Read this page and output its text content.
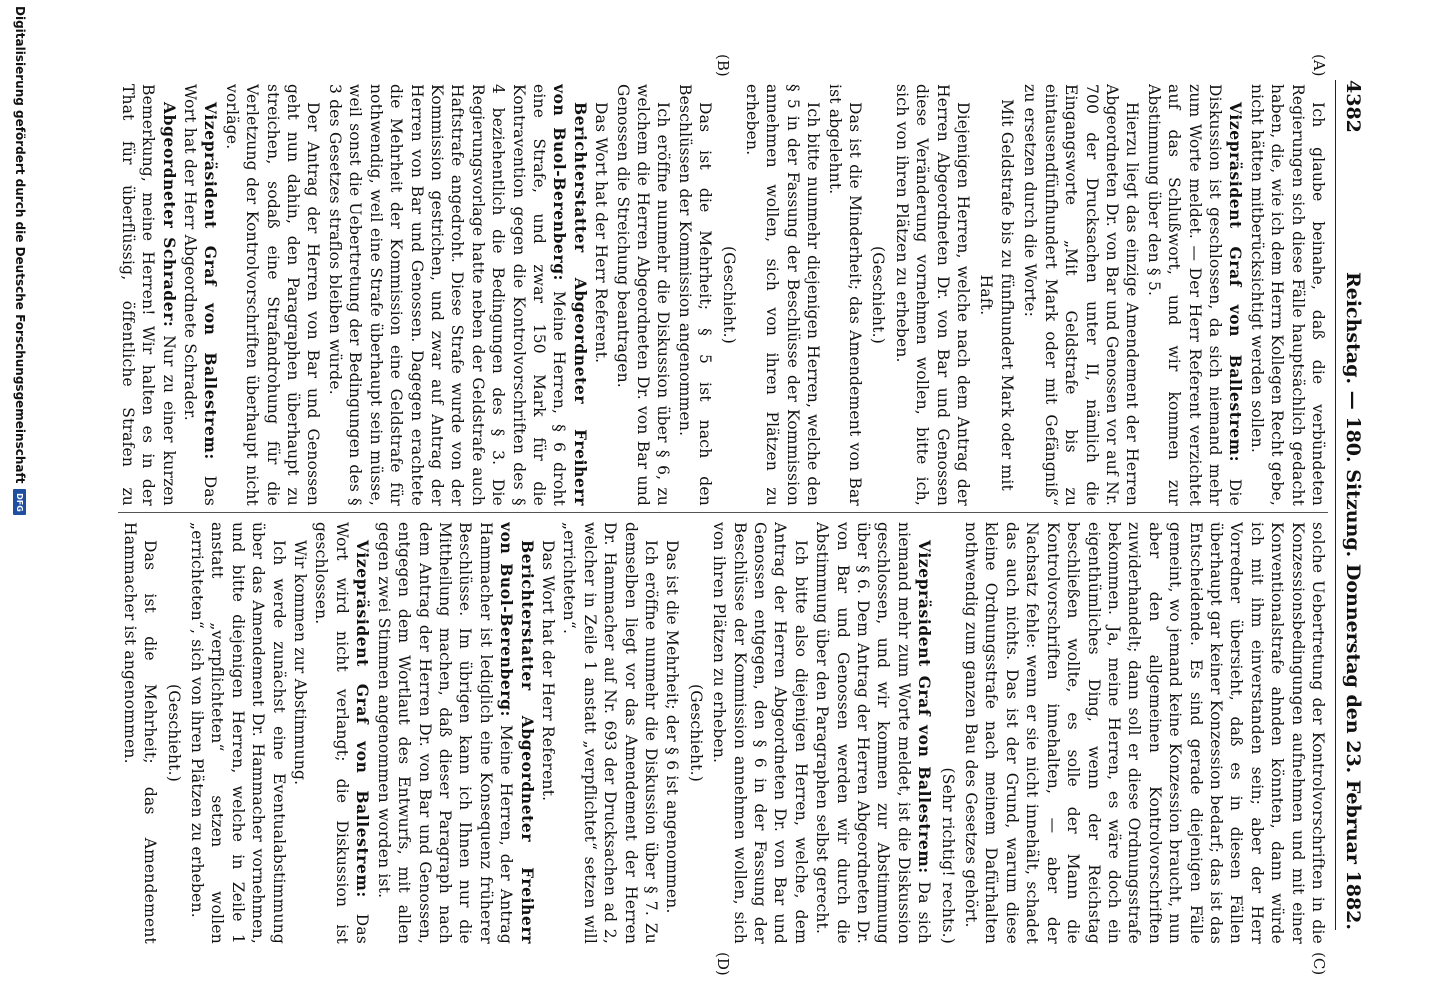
4382
Reichstag. — 180. Sitzung. Donnerstag den 23. Februar 1882.
(A)
(B)
(C)
(D)

Ich glaube beinahe, daß die verbündeten Regierungen sich diese Fälle hauptsächlich gedacht haben, die, wie ich dem Herrn Kollegen Recht gebe, nicht hätten mitberücksichtigt werden sollen.

Vizepräsident Graf von Ballestrem: Die Diskussion ist geschlossen, da sich niemand mehr zum Worte meldet. — Der Herr Referent verzichtet auf das Schlußwort, und wir kommen zur Abstimmung über den § 5.

Hierzu liegt das einzige Amendement der Herren Abgeordneten Dr. von Bar und Genossen vor auf Nr. 700 der Drucksachen unter II, nämlich die Eingangsworte „Mit Geldstrafe bis zu eintausendfünfhundert Mark oder mit Gefängniß“ zu ersetzen durch die Worte:

Mit Geldstrafe bis zu fünfhundert Mark oder mit Haft.

Diejenigen Herren, welche nach dem Antrag der Herren Abgeordneten Dr. von Bar und Genossen diese Veränderung vornehmen wollen, bitte ich, sich von ihren Plätzen zu erheben.

(Geschieht.)

Das ist die Minderheit; das Amendement von Bar ist abgelehnt.

Ich bitte nunmehr diejenigen Herren, welche den § 5 in der Fassung der Beschlüsse der Kommission annehmen wollen, sich von ihren Plätzen zu erheben.

(Geschieht.)

Das ist die Mehrheit; § 5 ist nach den Beschlüssen der Kommission angenommen.

Ich eröffne nunmehr die Diskussion über § 6, zu welchem die Herren Abgeordneten Dr. von Bar und Genossen die Streichung beantragen.

Das Wort hat der Herr Referent.

Berichterstatter Abgeordneter Freiherr von Buol-Berenberg: Meine Herren, § 6 droht eine Strafe, und zwar 150 Mark für die Kontravention gegen die Kontrolvorschriften des § 4 beziehentlich die Bedingungen des § 3. Die Regierungsvorlage hatte neben der Geldstrafe auch Haftstrafe angedroht. Diese Strafe wurde von der Kommission gestrichen, und zwar auf Antrag der Herren von Bar und Genossen. Dagegen erachtete die Mehrheit der Kommission eine Geldstrafe für nothwendig, weil eine Strafe überhaupt sein müsse, weil sonst die Uebertretung der Bedingungen des § 3 des Gesetzes straflos bleiben würde.

Der Antrag der Herren von Bar und Genossen geht nun dahin, den Paragraphen überhaupt zu streichen, sodaß eine Strafandrohung für die Verletzung der Kontrolvorschriften überhaupt nicht vorläge.

Vizepräsident Graf von Ballestrem: Das Wort hat der Herr Abgeordnete Schrader.

Abgeordneter Schrader: Nur zu einer kurzen Bemerkung, meine Herren! Wir halten es in der That für überflüssig, öffentliche Strafen zu

solche Uebertretung der Kontrolvorschriften in die Konzessionsbedingungen aufnehmen und mit einer Konventionalstrafe ahnden könnten, dann würde ich mit ihm einverstanden sein; aber der Herr Vorredner übersieht, daß es in diesen Fällen überhaupt gar keiner Konzession bedarf; das ist das Entscheidende. Es sind gerade diejenigen Fälle gemeint, wo jemand keine Konzession braucht, nun aber den allgemeinen Kontrolvorschriften zuwiderhandelt; dann soll er diese Ordnungsstrafe bekommen. Ja, meine Herren, es wäre doch ein eigenthümliches Ding, wenn der Reichstag beschließen wollte, es solle der Mann die Kontrolvorschriften innehalten, — aber der Nachsatz fehle: wenn er sie nicht innehält, schadet das auch nichts. Das ist der Grund, warum diese kleine Ordnungsstrafe nach meinem Dafürhalten nothwendig zum ganzen Bau des Gesetzes gehört.

(Sehr richtig! rechts.)

Vizepräsident Graf von Ballestrem: Da sich niemand mehr zum Worte meldet, ist die Diskussion geschlossen, und wir kommen zur Abstimmung über § 6. Dem Antrag der Herren Abgeordneten Dr. von Bar und Genossen werden wir durch die Abstimmung über den Paragraphen selbst gerecht.

Ich bitte also diejenigen Herren, welche, dem Antrag der Herren Abgeordneten Dr. von Bar und Genossen entgegen, den § 6 in der Fassung der Beschlüsse der Kommission annehmen wollen, sich von ihren Plätzen zu erheben.

(Geschieht.)

Das ist die Mehrheit; der § 6 ist angenommen.

Ich eröffne nunmehr die Diskussion über § 7. Zu demselben liegt vor das Amendement der Herren Dr. Hammacher auf Nr. 693 der Drucksachen ad 2, welcher in Zeile 1 anstatt „verpflichtet“ setzen will „errichteten“.

Das Wort hat der Herr Referent.

Berichterstatter Abgeordneter Freiherr von Buol-Berenberg: Meine Herren, der Antrag Hammacher ist lediglich eine Konsequenz früherer Beschlüsse. Im übrigen kann ich Ihnen nur die Mittheilung machen, daß dieser Paragraph nach dem Antrag der Herren Dr. von Bar und Genossen, entgegen dem Wortlaut des Entwurfs, mit allen gegen zwei Stimmen angenommen worden ist.

Vizepräsident Graf von Ballestrem: Das Wort wird nicht verlangt; die Diskussion ist geschlossen.

Wir kommen zur Abstimmung.

Ich werde zunächst eine Eventualabstimmung über das Amendement Dr. Hammacher vornehmen, und bitte diejenigen Herren, welche in Zeile 1 anstatt „verpflichteten“ setzen wollen „errichteten“, sich von ihren Plätzen zu erheben.

(Geschieht.)

Das ist die Mehrheit; das Amendement Hammacher ist angenommen.

Digitalisierung gefördert durch die Deutsche Forschungsgemeinschaft
DFG
